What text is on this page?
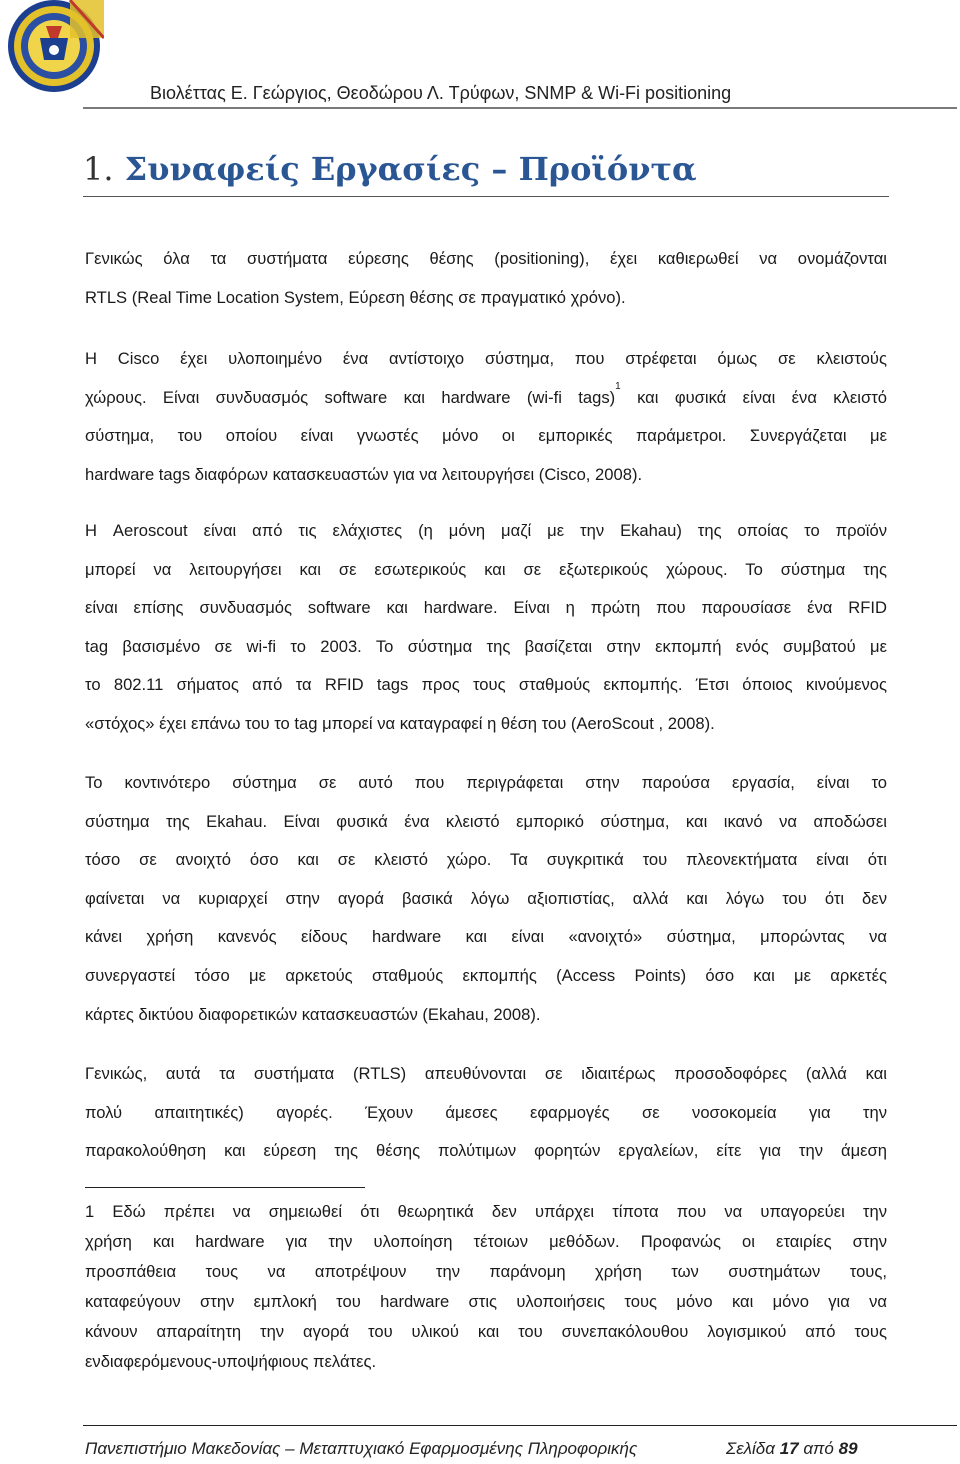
Βιολέττας Ε. Γεώργιος, Θεοδώρου Λ. Τρύφων, SNMP & Wi-Fi positioning
1. Συναφείς Εργασίες – Προϊόντα
Γενικώς όλα τα συστήματα εύρεσης θέσης (positioning), έχει καθιερωθεί να ονομάζονται
RTLS (Real Time Location System, Εύρεση θέσης σε πραγματικό χρόνο).
Η Cisco έχει υλοποιημένο ένα αντίστοιχο σύστημα, που στρέφεται όμως σε κλειστούς
χώρους. Είναι συνδυασμός software και hardware (wi-fi tags)$^1$ και φυσικά είναι ένα κλειστό
σύστημα, του οποίου είναι γνωστές μόνο οι εμπορικές παράμετροι. Συνεργάζεται με
hardware tags διαφόρων κατασκευαστών για να λειτουργήσει (Cisco, 2008).
Η Aeroscout είναι από τις ελάχιστες (η μόνη μαζί με την Ekahau) της οποίας το προϊόν
μπορεί να λειτουργήσει και σε εσωτερικούς και σε εξωτερικούς χώρους. Το σύστημα της
είναι επίσης συνδυασμός software και hardware. Είναι η πρώτη που παρουσίασε ένα RFID
tag βασισμένο σε wi-fi το 2003. Το σύστημα της βασίζεται στην εκπομπή ενός συμβατού με
το 802.11 σήματος από τα RFID tags προς τους σταθμούς εκπομπής. Έτσι όποιος κινούμενος
«στόχος» έχει επάνω του το tag μπορεί να καταγραφεί η θέση του (AeroScout , 2008).
Το κοντινότερο σύστημα σε αυτό που περιγράφεται στην παρούσα εργασία, είναι το
σύστημα της Ekahau. Είναι φυσικά ένα κλειστό εμπορικό σύστημα, και ικανό να αποδώσει
τόσο σε ανοιχτό όσο και σε κλειστό χώρο. Τα συγκριτικά του πλεονεκτήματα είναι ότι
φαίνεται να κυριαρχεί στην αγορά βασικά λόγω αξιοπιστίας, αλλά και λόγω του ότι δεν
κάνει χρήση κανενός είδους hardware και είναι «ανοιχτό» σύστημα, μπορώντας να
συνεργαστεί τόσο με αρκετούς σταθμούς εκπομπής (Access Points) όσο και με αρκετές
κάρτες δικτύου διαφορετικών κατασκευαστών (Ekahau, 2008).
Γενικώς, αυτά τα συστήματα (RTLS) απευθύνονται σε ιδιαιτέρως προσοδοφόρες (αλλά και
πολύ απαιτητικές) αγορές. Έχουν άμεσες εφαρμογές σε νοσοκομεία για την
παρακολούθηση και εύρεση της θέσης πολύτιμων φορητών εργαλείων, είτε για την άμεση
1 Εδώ πρέπει να σημειωθεί ότι θεωρητικά δεν υπάρχει τίποτα που να υπαγορεύει την
χρήση και hardware για την υλοποίηση τέτοιων μεθόδων. Προφανώς οι εταιρίες στην
προσπάθεια τους να αποτρέψουν την παράνομη χρήση των συστημάτων τους,
καταφεύγουν στην εμπλοκή του hardware στις υλοποιήσεις τους μόνο και μόνο για να
κάνουν απαραίτητη την αγορά του υλικού και του συνεπακόλουθου λογισμικού από τους
ενδιαφερόμενους-υποψήφιους πελάτες.
Πανεπιστήμιο Μακεδονίας – Μεταπτυχιακό Εφαρμοσμένης Πληροφορικής	Σελίδα 17 από 89
